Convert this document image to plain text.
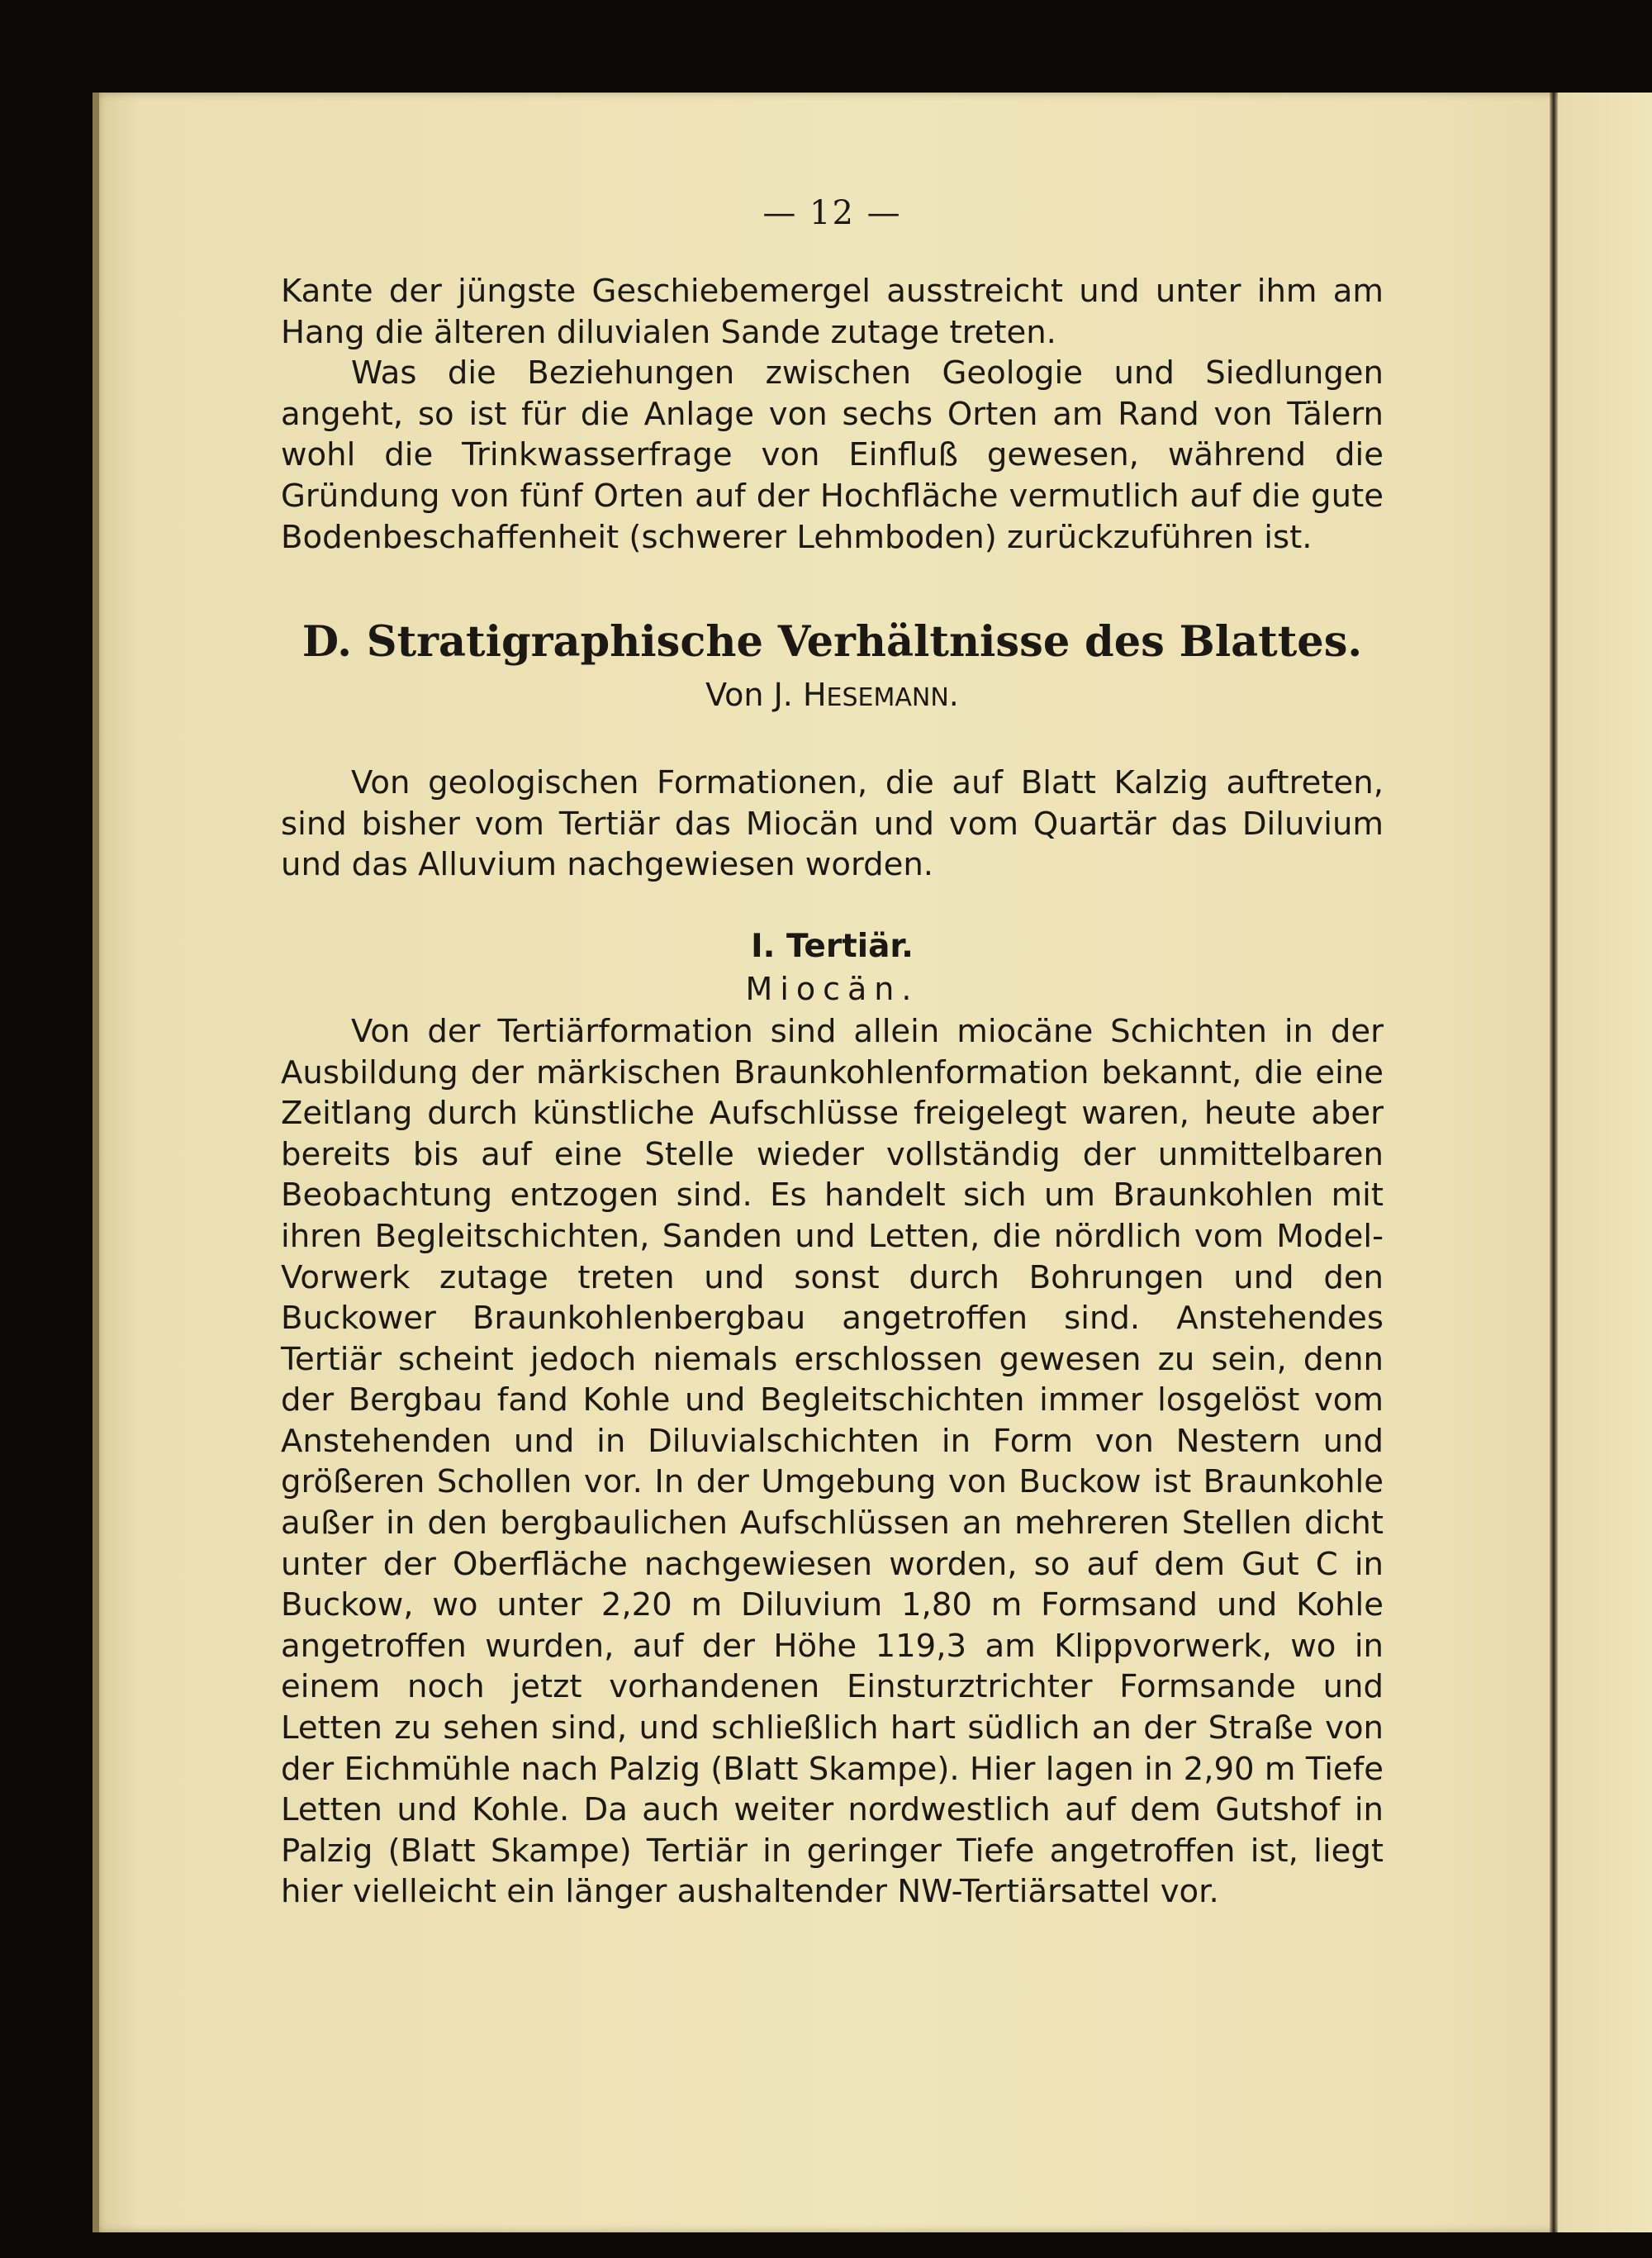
— 12 —

Kante der jüngste Geschiebemergel ausstreicht und unter ihm am Hang die älteren diluvialen Sande zutage treten.

Was die Beziehungen zwischen Geologie und Siedlungen angeht, so ist für die Anlage von sechs Orten am Rand von Tälern wohl die Trinkwasserfrage von Einfluß gewesen, während die Gründung von fünf Orten auf der Hochfläche vermutlich auf die gute Bodenbeschaffenheit (schwerer Lehmboden) zurückzuführen ist.

D. Stratigraphische Verhältnisse des Blattes.
Von J. HESEMANN.

Von geologischen Formationen, die auf Blatt Kalzig auftreten, sind bisher vom Tertiär das Miocän und vom Quartär das Diluvium und das Alluvium nachgewiesen worden.

I. Tertiär.
Miocän.

Von der Tertiärformation sind allein miocäne Schichten in der Ausbildung der märkischen Braunkohlenformation bekannt, die eine Zeitlang durch künstliche Aufschlüsse freigelegt waren, heute aber bereits bis auf eine Stelle wieder vollständig der unmittelbaren Beobachtung entzogen sind. Es handelt sich um Braunkohlen mit ihren Begleitschichten, Sanden und Letten, die nördlich vom Model-Vorwerk zutage treten und sonst durch Bohrungen und den Buckower Braunkohlenbergbau angetroffen sind. Anstehendes Tertiär scheint jedoch niemals erschlossen gewesen zu sein, denn der Bergbau fand Kohle und Begleitschichten immer losgelöst vom Anstehenden und in Diluvialschichten in Form von Nestern und größeren Schollen vor. In der Umgebung von Buckow ist Braunkohle außer in den bergbaulichen Aufschlüssen an mehreren Stellen dicht unter der Oberfläche nachgewiesen worden, so auf dem Gut C in Buckow, wo unter 2,20 m Diluvium 1,80 m Formsand und Kohle angetroffen wurden, auf der Höhe 119,3 am Klippvorwerk, wo in einem noch jetzt vorhandenen Einsturztrichter Formsande und Letten zu sehen sind, und schließlich hart südlich an der Straße von der Eichmühle nach Palzig (Blatt Skampe). Hier lagen in 2,90 m Tiefe Letten und Kohle. Da auch weiter nordwestlich auf dem Gutshof in Palzig (Blatt Skampe) Tertiär in geringer Tiefe angetroffen ist, liegt hier vielleicht ein länger aushaltender NW-Tertiärsattel vor.
